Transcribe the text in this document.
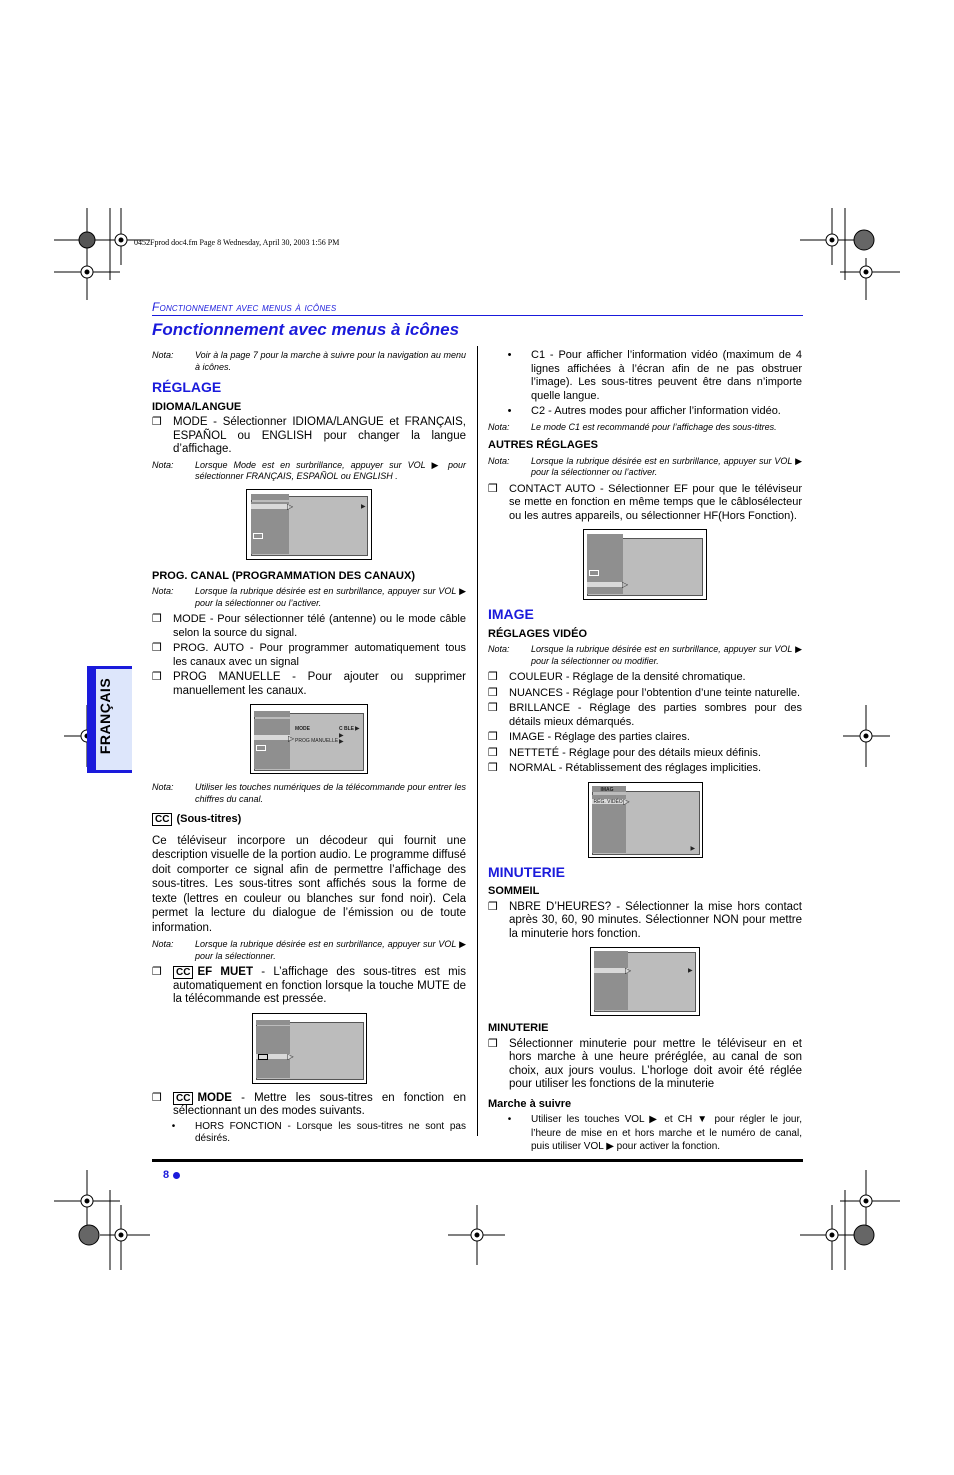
0452Fprod doc4.fm Page 8 Wednesday, April 30, 2003 1:56 PM
Fonctionnement avec menus à icônes
Fonctionnement avec menus à icônes
FRANÇAIS
Nota:	Voir à la page 7 pour la marche à suivre pour la navigation au menu à icônes.
RÉGLAGE
IDIOMA/LANGUE
❒ MODE - Sélectionner IDIOMA/LANGUE et FRANÇAIS, ESPAÑOL ou ENGLISH pour changer la langue d’affichage.
Nota:	Lorsque Mode est en surbrillance, appuyer sur VOL ▶ pour sélectionner FRANÇAIS, ESPAÑOL ou ENGLISH .
▷	▶
PROG. CANAL (PROGRAMMATION DES CANAUX)
Nota:	Lorsque la rubrique désirée est en surbrillance, appuyer sur VOL ▶ pour la sélectionner ou l’activer.
❒	MODE - Pour sélectionner télé (antenne) ou le mode câble selon la source du signal.
❒	PROG. AUTO - Pour programmer automatiquement tous les canaux avec un signal
❒ PROG MANUELLE - Pour ajouter ou supprimer manuellement les canaux.
MODE	C BLE ▶
▶
▷ PROG MANUELLE ▶
Nota:	Utiliser les touches numériques de la télécommande pour entrer les chiffres du canal.
CC (Sous-titres)
Ce téléviseur incorpore un décodeur qui fournit une description visuelle de la portion audio. Le programme diffusé doit comporter ce signal afin de permettre l’affichage des sous-titres. Les sous-titres sont affichés sous la forme de texte (lettres en couleur ou blanches sur fond noir). Cela permet la lecture du dialogue de l’émission ou de toute information.
Nota:	Lorsque la rubrique désirée est en surbrillance, appuyer sur VOL ▶ pour la sélectionner.
❒	CC EF MUET - L’affichage des sous-titres est mis automatiquement en fonction lorsque la touche MUTE de la télécommande est pressée.
▷
❒	CC MODE - Mettre les sous-titres en fonction en sélectionnant un des modes suivants.
•	HORS FONCTION - Lorsque les sous-titres ne sont pas désirés.
•	C1 - Pour afficher l’information vidéo (maximum de 4 lignes affichées à l’écran afin de ne pas obstruer l’image). Les sous-titres peuvent être dans n’importe quelle langue.
•	C2 - Autres modes pour afficher l’information vidéo.
Nota:	Le mode C1 est recommandé pour l’affichage des sous-titres.
AUTRES RÉGLAGES
Nota:	Lorsque la rubrique désirée est en surbrillance, appuyer sur VOL ▶ pour la sélectionner ou l’activer.
❒	CONTACT AUTO - Sélectionner EF pour que le téléviseur se mette en fonction en même temps que le câblosélecteur ou les autres appareils, ou sélectionner HF(Hors Fonction).
▷
IMAGE
RÉGLAGES VIDÉO
Nota:	Lorsque la rubrique désirée est en surbrillance, appuyer sur VOL ▶ pour la sélectionner ou modifier.
❒	COULEUR - Réglage de la densité chromatique.
❒	NUANCES - Réglage pour l’obtention d’une teinte naturelle.
❒	BRILLANCE - Réglage des parties sombres pour des détails mieux démarqués.
❒	IMAGE - Réglage des parties claires.
❒	NETTETÉ - Réglage pour des détails mieux définis.
❒	NORMAL - Rétablissement des réglages implicities.
IMAG
RÉG. VIDÉO ▷
▶
MINUTERIE
SOMMEIL
❒ NBRE D’HEURES? - Sélectionner la mise hors contact après 30, 60, 90 minutes. Sélectionner NON pour mettre la minuterie hors fonction.
▷	▶
MINUTERIE
❒ Sélectionner minuterie pour mettre le téléviseur en et hors marche à une heure préréglée, au canal de son choix, aux jours voulus. L’horloge doit avoir été réglée pour utiliser les fonctions de la minuterie
Marche à suivre
•	Utiliser les touches VOL ▶ et CH ▼ pour régler le jour, l’heure de mise en et hors marche et le numéro de canal, puis utiliser VOL ▶ pour activer la fonction.
8
